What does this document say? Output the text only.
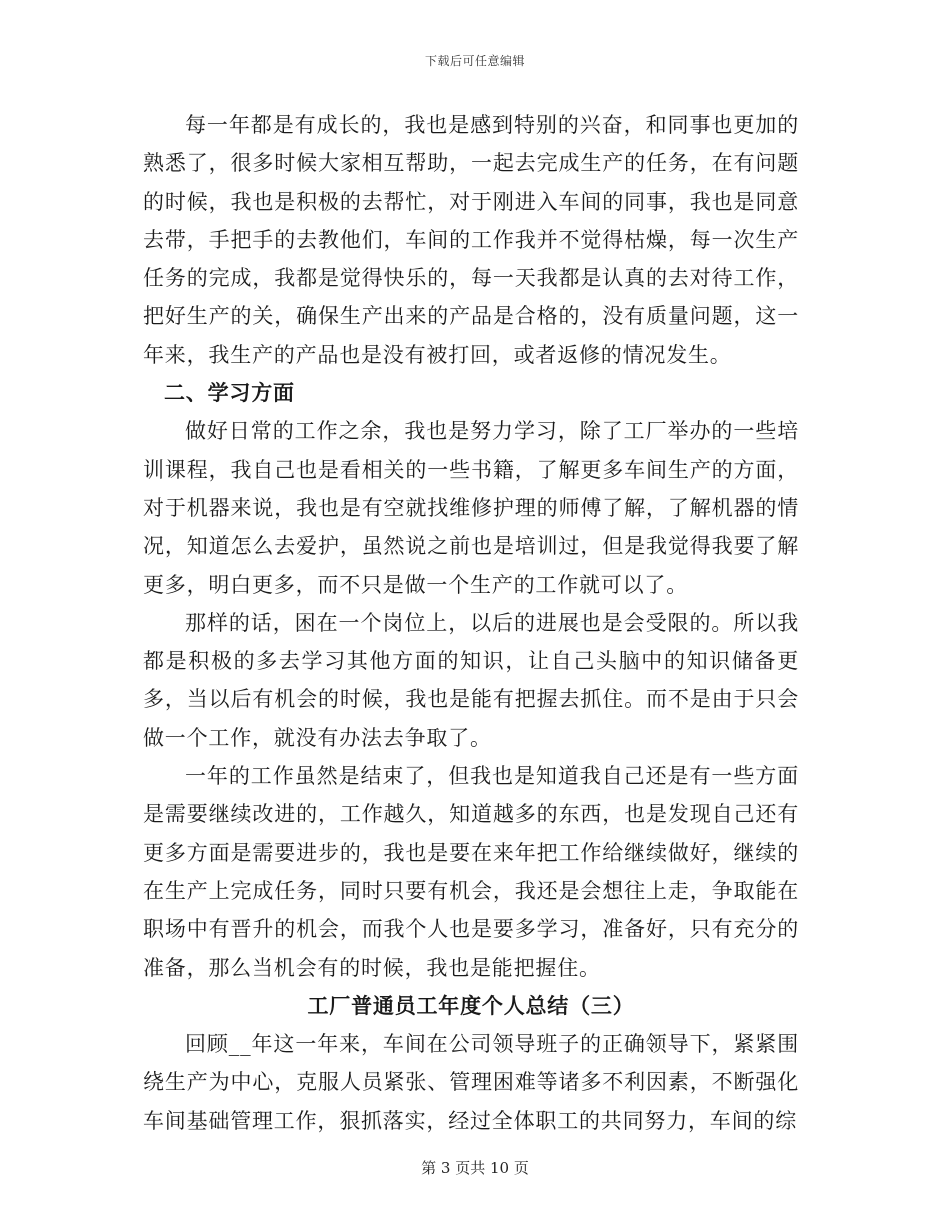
下载后可任意编辑

每一年都是有成长的，我也是感到特别的兴奋，和同事也更加的熟悉了，很多时候大家相互帮助，一起去完成生产的任务，在有问题的时候，我也是积极的去帮忙，对于刚进入车间的同事，我也是同意去带，手把手的去教他们，车间的工作我并不觉得枯燥，每一次生产任务的完成，我都是觉得快乐的，每一天我都是认真的去对待工作，把好生产的关，确保生产出来的产品是合格的，没有质量问题，这一年来，我生产的产品也是没有被打回，或者返修的情况发生。

二、学习方面

做好日常的工作之余，我也是努力学习，除了工厂举办的一些培训课程，我自己也是看相关的一些书籍，了解更多车间生产的方面，对于机器来说，我也是有空就找维修护理的师傅了解，了解机器的情况，知道怎么去爱护，虽然说之前也是培训过，但是我觉得我要了解更多，明白更多，而不只是做一个生产的工作就可以了。

那样的话，困在一个岗位上，以后的进展也是会受限的。所以我都是积极的多去学习其他方面的知识，让自己头脑中的知识储备更多，当以后有机会的时候，我也是能有把握去抓住。而不是由于只会做一个工作，就没有办法去争取了。

一年的工作虽然是结束了，但我也是知道我自己还是有一些方面是需要继续改进的，工作越久，知道越多的东西，也是发现自己还有更多方面是需要进步的，我也是要在来年把工作给继续做好，继续的在生产上完成任务，同时只要有机会，我还是会想往上走，争取能在职场中有晋升的机会，而我个人也是要多学习，准备好，只有充分的准备，那么当机会有的时候，我也是能把握住。

工厂普通员工年度个人总结（三）

回顾__年这一年来，车间在公司领导班子的正确领导下，紧紧围绕生产为中心，克服人员紧张、管理困难等诸多不利因素，不断强化车间基础管理工作，狠抓落实，经过全体职工的共同努力，车间的综

第 3 页共 10 页
